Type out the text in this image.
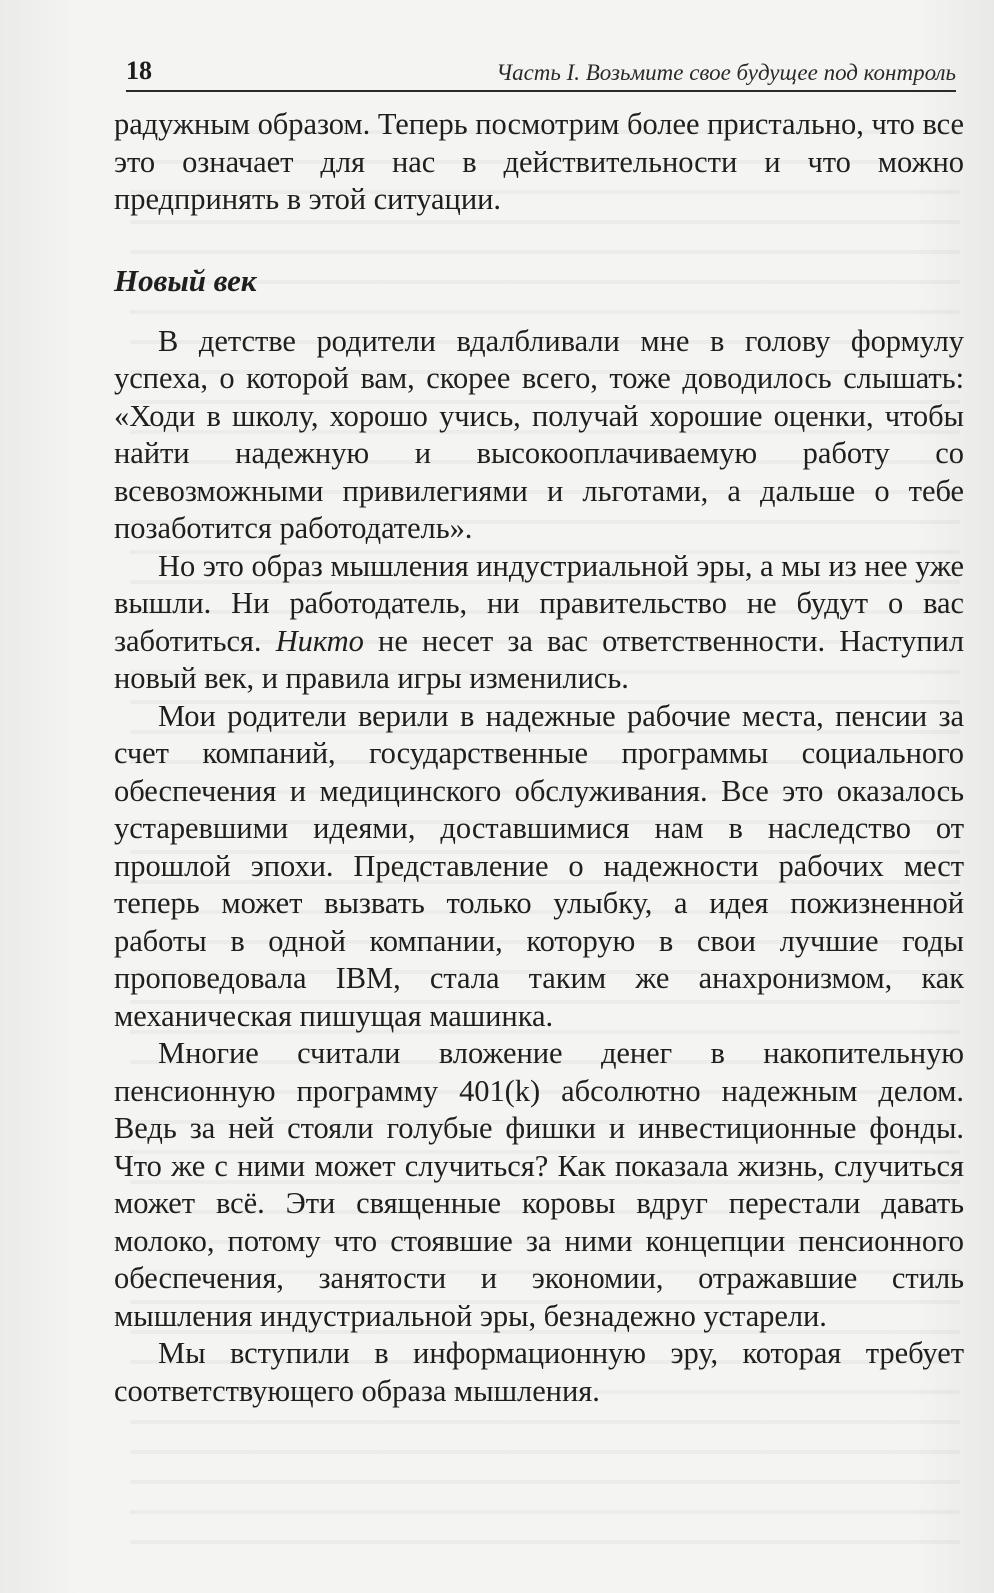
18	Часть I. Возьмите свое будущее под контроль

радужным образом. Теперь посмотрим более пристально, что все это означает для нас в действительности и что можно предпринять в этой ситуации.

Новый век

В детстве родители вдалбливали мне в голову формулу успеха, о которой вам, скорее всего, тоже доводилось слышать: «Ходи в школу, хорошо учись, получай хорошие оценки, чтобы найти надежную и высокооплачиваемую работу со всевозможными привилегиями и льготами, а дальше о тебе позаботится работодатель».

Но это образ мышления индустриальной эры, а мы из нее уже вышли. Ни работодатель, ни правительство не будут о вас заботиться. Никто не несет за вас ответственности. Наступил новый век, и правила игры изменились.

Мои родители верили в надежные рабочие места, пенсии за счет компаний, государственные программы социального обеспечения и медицинского обслуживания. Все это оказалось устаревшими идеями, доставшимися нам в наследство от прошлой эпохи. Представление о надежности рабочих мест теперь может вызвать только улыбку, а идея пожизненной работы в одной компании, которую в свои лучшие годы проповедовала IBM, стала таким же анахронизмом, как механическая пишущая машинка.

Многие считали вложение денег в накопительную пенсионную программу 401(k) абсолютно надежным делом. Ведь за ней стояли голубые фишки и инвестиционные фонды. Что же с ними может случиться? Как показала жизнь, случиться может всё. Эти священные коровы вдруг перестали давать молоко, потому что стоявшие за ними концепции пенсионного обеспечения, занятости и экономии, отражавшие стиль мышления индустриальной эры, безнадежно устарели.

Мы вступили в информационную эру, которая требует соответствующего образа мышления.
